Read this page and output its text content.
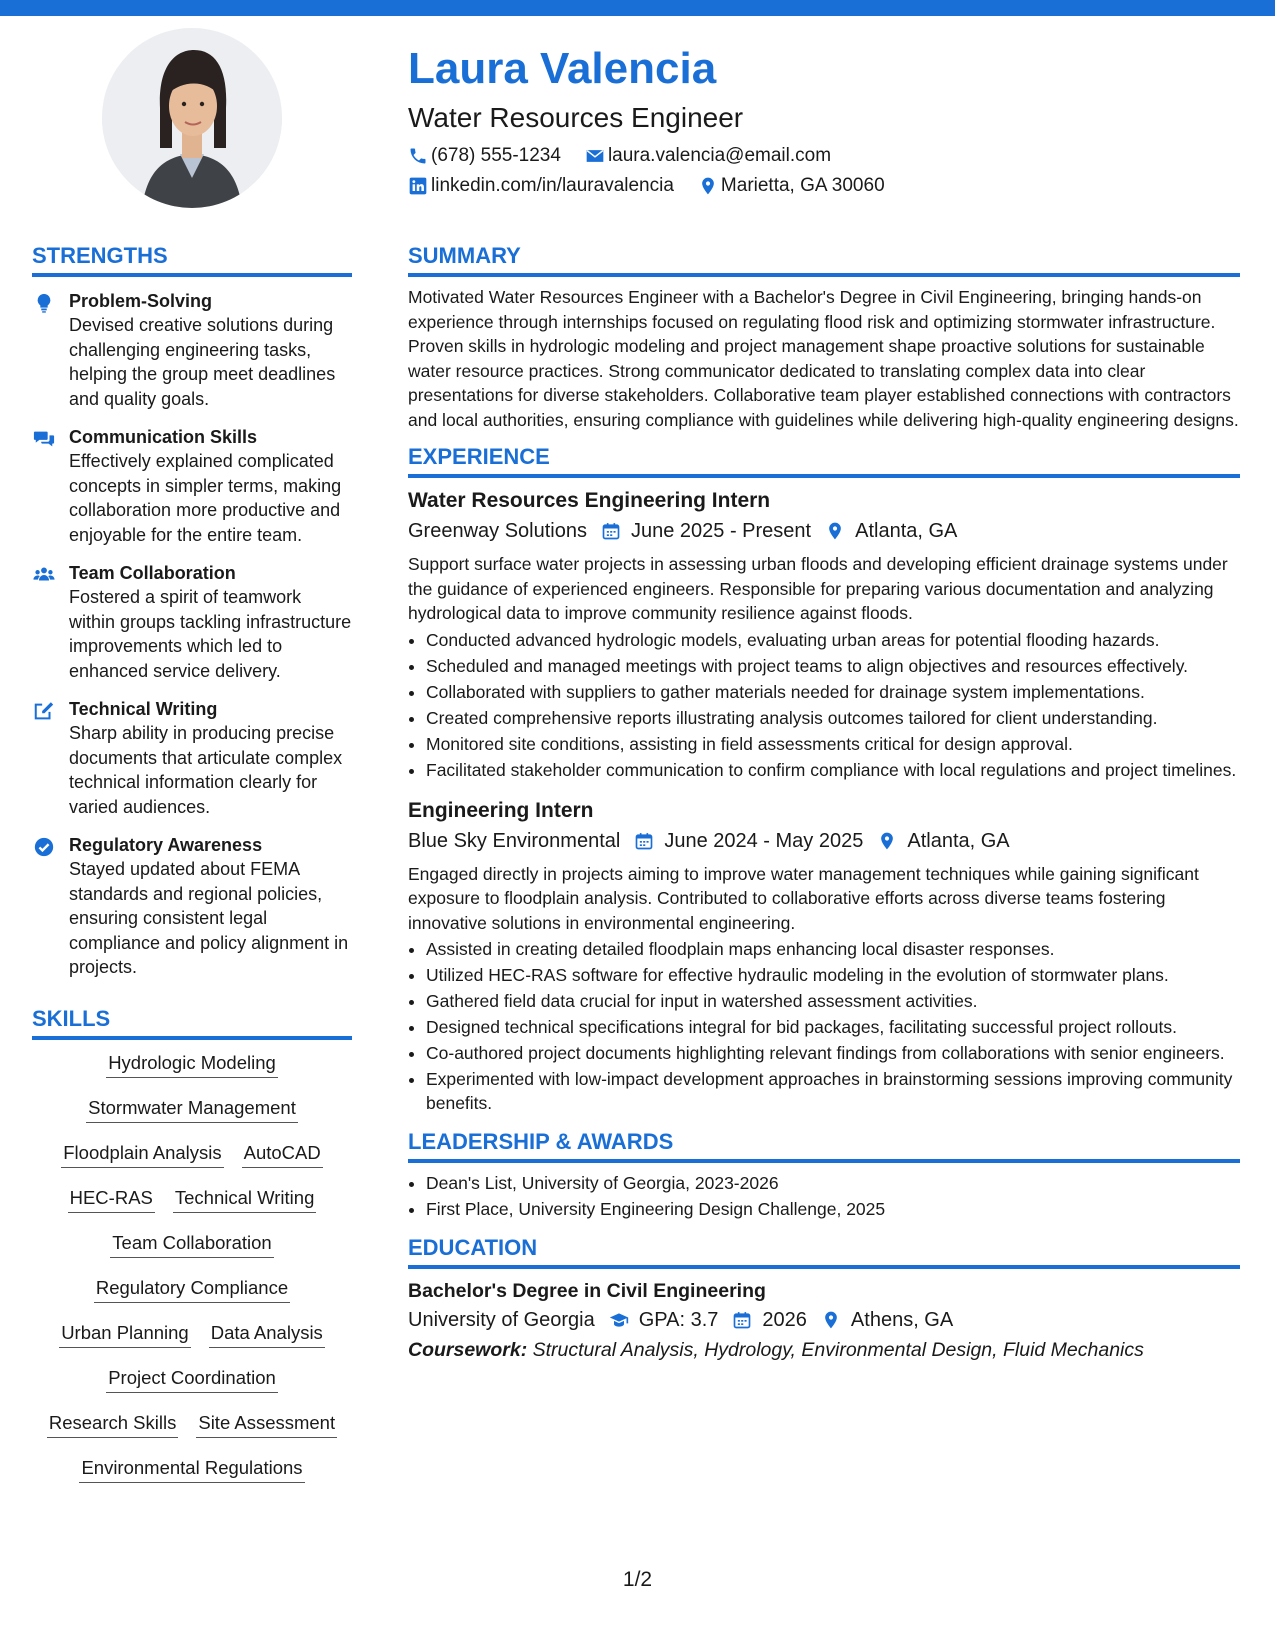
Laura Valencia
Water Resources Engineer
(678) 555-1234 laura.valencia@email.com
linkedin.com/in/lauravalencia Marietta, GA 30060
STRENGTHS
Problem-Solving
Devised creative solutions during challenging engineering tasks, helping the group meet deadlines and quality goals.
Communication Skills
Effectively explained complicated concepts in simpler terms, making collaboration more productive and enjoyable for the entire team.
Team Collaboration
Fostered a spirit of teamwork within groups tackling infrastructure improvements which led to enhanced service delivery.
Technical Writing
Sharp ability in producing precise documents that articulate complex technical information clearly for varied audiences.
Regulatory Awareness
Stayed updated about FEMA standards and regional policies, ensuring consistent legal compliance and policy alignment in projects.
SKILLS
Hydrologic Modeling
Stormwater Management
Floodplain Analysis AutoCAD
HEC-RAS Technical Writing
Team Collaboration
Regulatory Compliance
Urban Planning Data Analysis
Project Coordination
Research Skills Site Assessment
Environmental Regulations
SUMMARY
Motivated Water Resources Engineer with a Bachelor's Degree in Civil Engineering, bringing hands-on experience through internships focused on regulating flood risk and optimizing stormwater infrastructure. Proven skills in hydrologic modeling and project management shape proactive solutions for sustainable water resource practices. Strong communicator dedicated to translating complex data into clear presentations for diverse stakeholders. Collaborative team player established connections with contractors and local authorities, ensuring compliance with guidelines while delivering high-quality engineering designs.
EXPERIENCE
Water Resources Engineering Intern
Greenway Solutions June 2025 - Present Atlanta, GA
Support surface water projects in assessing urban floods and developing efficient drainage systems under the guidance of experienced engineers. Responsible for preparing various documentation and analyzing hydrological data to improve community resilience against floods.
• Conducted advanced hydrologic models, evaluating urban areas for potential flooding hazards.
• Scheduled and managed meetings with project teams to align objectives and resources effectively.
• Collaborated with suppliers to gather materials needed for drainage system implementations.
• Created comprehensive reports illustrating analysis outcomes tailored for client understanding.
• Monitored site conditions, assisting in field assessments critical for design approval.
• Facilitated stakeholder communication to confirm compliance with local regulations and project timelines.
Engineering Intern
Blue Sky Environmental June 2024 - May 2025 Atlanta, GA
Engaged directly in projects aiming to improve water management techniques while gaining significant exposure to floodplain analysis. Contributed to collaborative efforts across diverse teams fostering innovative solutions in environmental engineering.
• Assisted in creating detailed floodplain maps enhancing local disaster responses.
• Utilized HEC-RAS software for effective hydraulic modeling in the evolution of stormwater plans.
• Gathered field data crucial for input in watershed assessment activities.
• Designed technical specifications integral for bid packages, facilitating successful project rollouts.
• Co-authored project documents highlighting relevant findings from collaborations with senior engineers.
• Experimented with low-impact development approaches in brainstorming sessions improving community benefits.
LEADERSHIP & AWARDS
• Dean's List, University of Georgia, 2023-2026
• First Place, University Engineering Design Challenge, 2025
EDUCATION
Bachelor's Degree in Civil Engineering
University of Georgia GPA: 3.7 2026 Athens, GA
Coursework: Structural Analysis, Hydrology, Environmental Design, Fluid Mechanics
1/2
